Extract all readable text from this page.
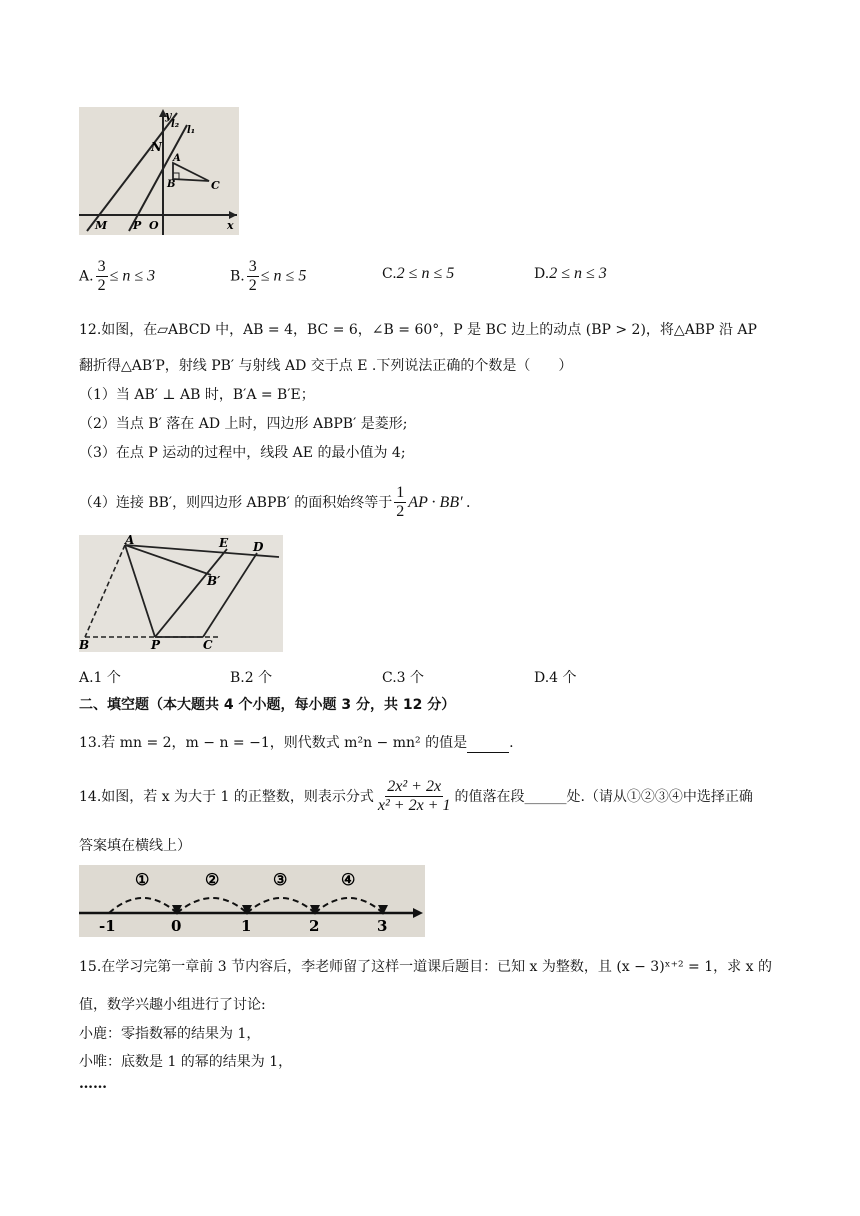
y
l₂
l₁
N
A
B	C
M P O	x
A. $\frac{3}{2} \le n \le 3$	B. $\frac{3}{2} \le n \le 5$	C.2 ≤ n ≤ 5	D.2 ≤ n ≤ 3
12.如图，在▱ABCD 中，AB = 4，BC = 6，∠B = 60°，P 是 BC 边上的动点 (BP > 2)，将△ABP 沿 AP
翻折得△AB′P，射线 PB′ 与射线 AD 交于点 E .下列说法正确的个数是（　　）
（1）当 AB′ ⊥ AB 时，B′A = B′E；
（2）当点 B′ 落在 AD 上时，四边形 ABPB′ 是菱形;
（3）在点 P 运动的过程中，线段 AE 的最小值为 4;
（4）连接 BB′，则四边形 ABPB′ 的面积始终等于 $\frac{1}{2}$ AP · BB′ .
A	E D
B′
B	P	C
A.1 个	B.2 个	C.3 个	D.4 个
二、填空题（本大题共 4 个小题，每小题 3 分，共 12 分）
13.若 mn = 2，m − n = −1，则代数式 m²n − mn² 的值是	.
14.如图，若 x 为大于 1 的正整数，则表示分式 $\frac{\text{2x² + 2x}}{\text{x² + 2x + 1}}$ 的值落在段______处.（请从①②③④中选择正确
答案填在横线上）
①	②	③	④
-1	0	1	2	3
15.在学习完第一章前 3 节内容后，李老师留了这样一道课后题目：已知 x 为整数，且 (x − 3)ˣ⁺² = 1，求 x 的
值，数学兴趣小组进行了讨论:
小鹿：零指数幂的结果为 1，
小唯：底数是 1 的幂的结果为 1，
……
